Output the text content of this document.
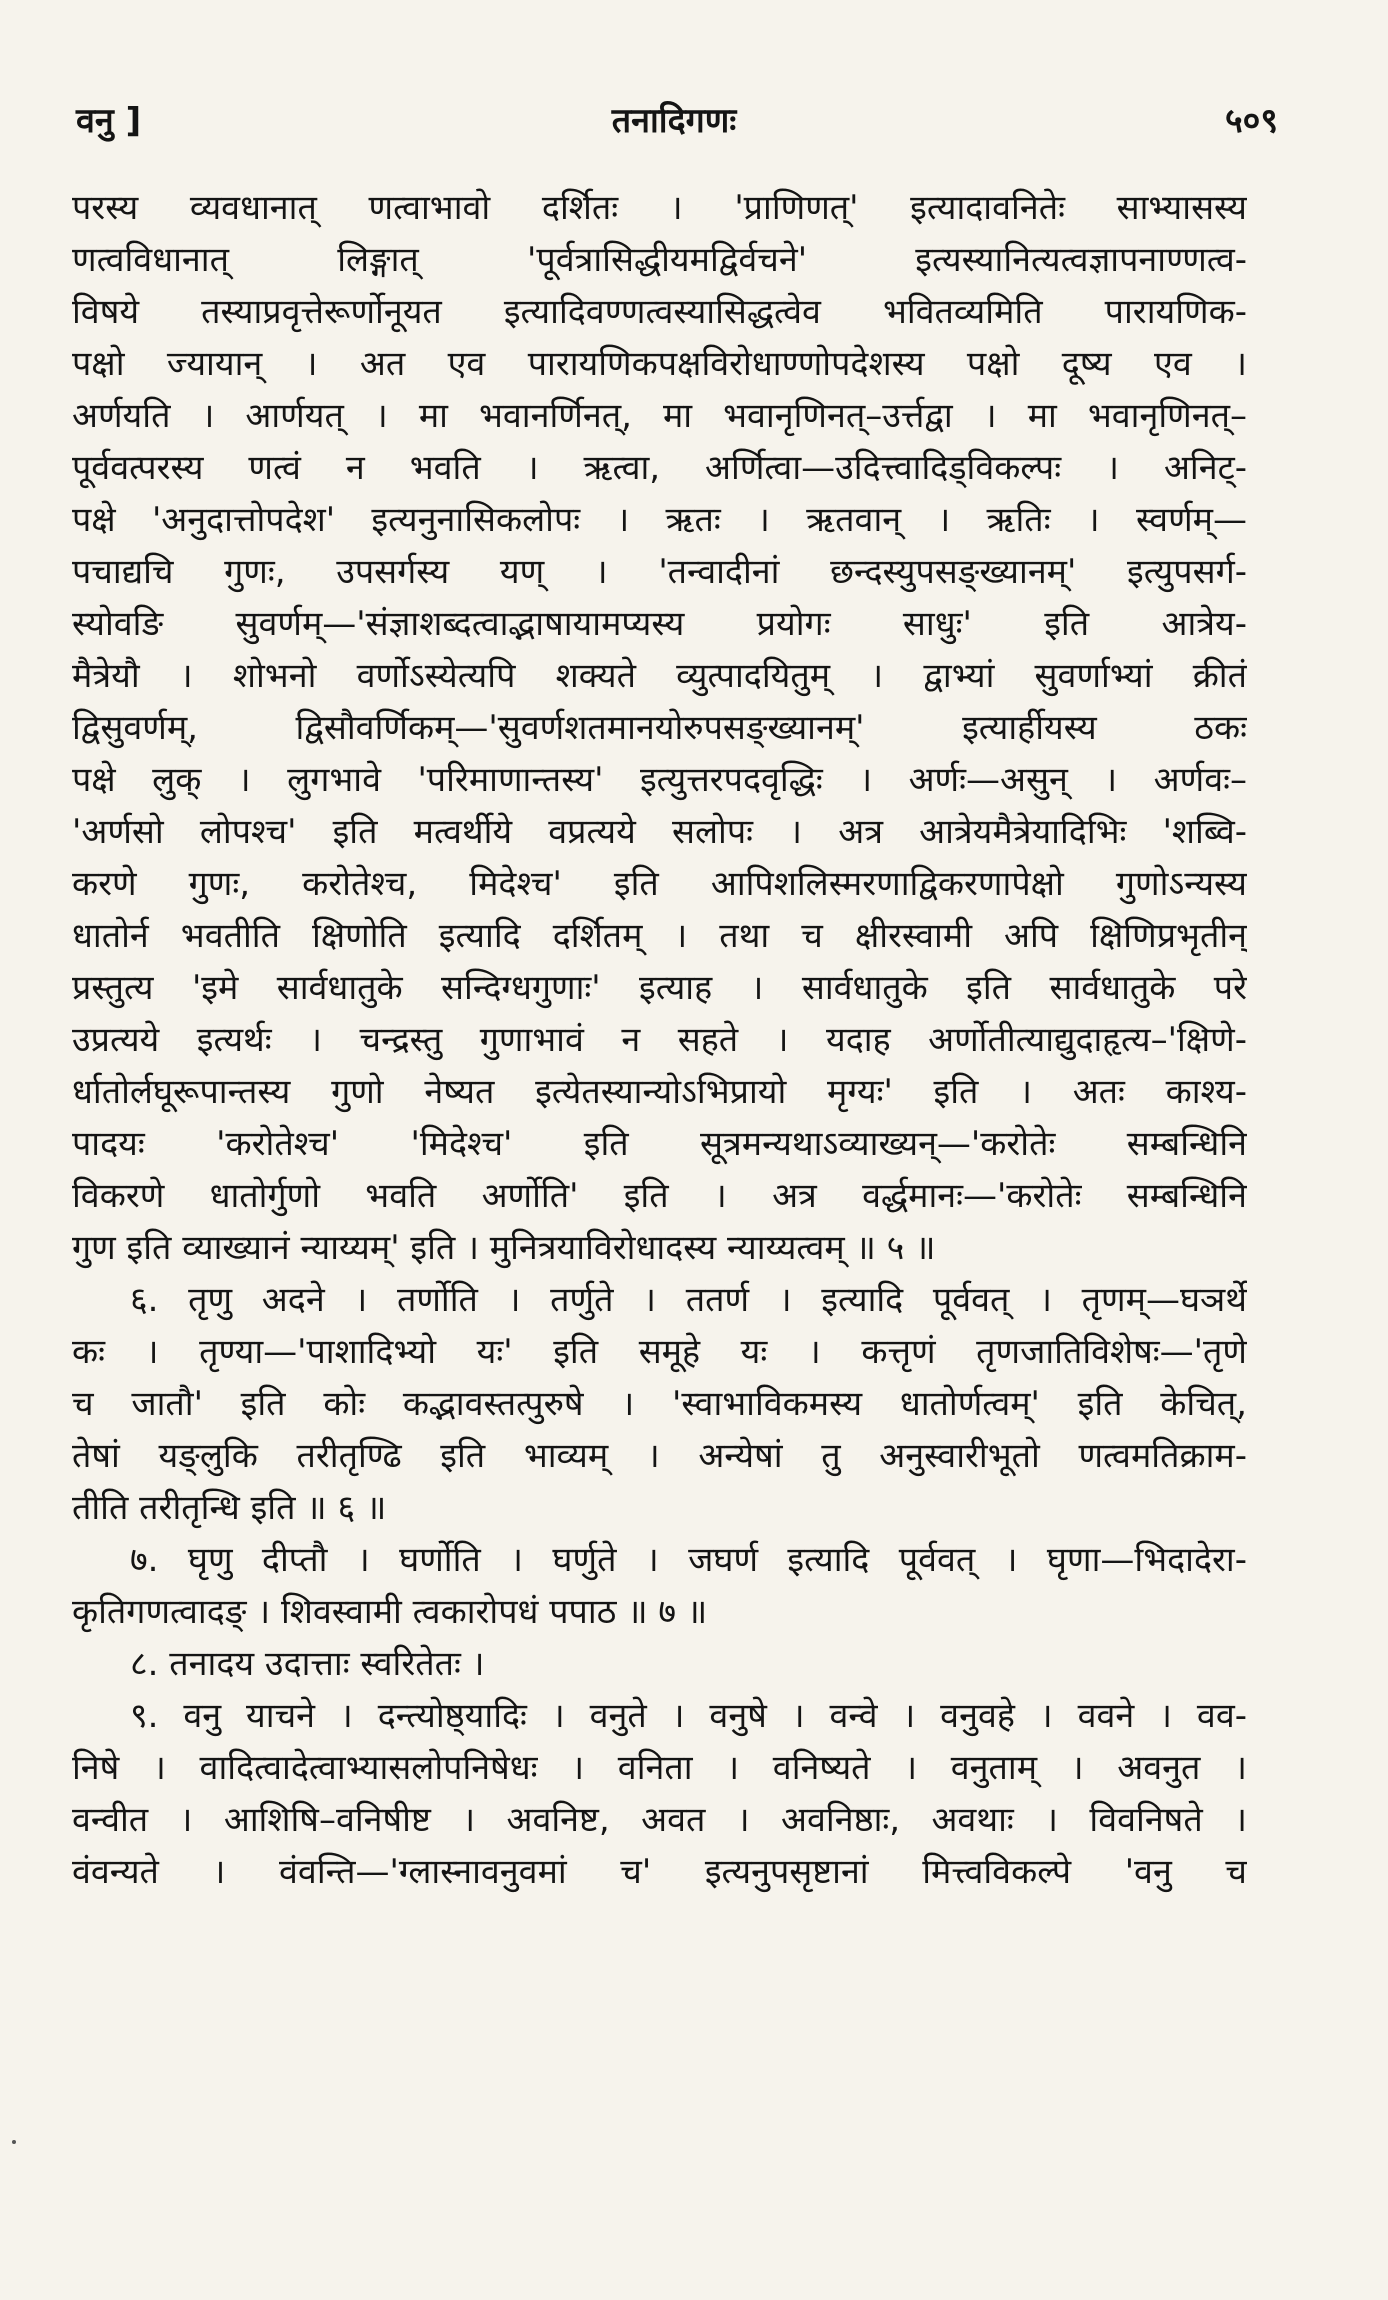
वनु ]	तनादिगणः	५०९
परस्य व्यवधानात् णत्वाभावो दर्शितः । 'प्राणिणत्' इत्यादावनितेः साभ्यासस्य
णत्वविधानात् लिङ्गात् 'पूर्वत्रासिद्धीयमद्विर्वचने' इत्यस्यानित्यत्वज्ञापनाण्णत्व-
विषये तस्याप्रवृत्तेरूर्णोनूयत इत्यादिवण्णत्वस्यासिद्धत्वेव भवितव्यमिति पारायणिक-
पक्षो ज्यायान् । अत एव पारायणिकपक्षविरोधाण्णोपदेशस्य पक्षो दूष्य एव ।
अर्णयति । आर्णयत् । मा भवानर्णिनत्, मा भवानृणिनत्–उर्त्तद्वा । मा भवानृणिनत्–
पूर्ववत्परस्य णत्वं न भवति । ऋत्वा, अर्णित्वा—उदित्त्वादिड्विकल्पः । अनिट्-
पक्षे 'अनुदात्तोपदेश' इत्यनुनासिकलोपः । ऋतः । ऋतवान् । ऋतिः । स्वर्णम्—
पचाद्यचि गुणः, उपसर्गस्य यण् । 'तन्वादीनां छन्दस्युपसङ्ख्यानम्' इत्युपसर्ग-
स्योवङि सुवर्णम्—'संज्ञाशब्दत्वाद्भाषायामप्यस्य प्रयोगः साधुः' इति आत्रेय-
मैत्रेयौ । शोभनो वर्णोऽस्येत्यपि शक्यते व्युत्पादयितुम् । द्वाभ्यां सुवर्णाभ्यां क्रीतं
द्विसुवर्णम्, द्विसौवर्णिकम्—'सुवर्णशतमानयोरुपसङ्ख्यानम्' इत्यार्हीयस्य ठकः
पक्षे लुक् । लुगभावे 'परिमाणान्तस्य' इत्युत्तरपदवृद्धिः । अर्णः—असुन् । अर्णवः–
'अर्णसो लोपश्च' इति मत्वर्थीये वप्रत्यये सलोपः । अत्र आत्रेयमैत्रेयादिभिः 'शब्वि-
करणे गुणः, करोतेश्च, मिदेश्च' इति आपिशलिस्मरणाद्विकरणापेक्षो गुणोऽन्यस्य
धातोर्न भवतीति क्षिणोति इत्यादि दर्शितम् । तथा च क्षीरस्वामी अपि क्षिणिप्रभृतीन्
प्रस्तुत्य 'इमे सार्वधातुके सन्दिग्धगुणाः' इत्याह । सार्वधातुके इति सार्वधातुके परे
उप्रत्यये इत्यर्थः । चन्द्रस्तु गुणाभावं न सहते । यदाह अर्णोतीत्याद्युदाहृत्य–'क्षिणे-
र्धातोर्लघूरूपान्तस्य गुणो नेष्यत इत्येतस्यान्योऽभिप्रायो मृग्यः' इति । अतः काश्य-
पादयः 'करोतेश्च' 'मिदेश्च' इति सूत्रमन्यथाऽव्याख्यन्—'करोतेः सम्बन्धिनि
विकरणे धातोर्गुणो भवति अर्णोति' इति । अत्र वर्द्धमानः—'करोतेः सम्बन्धिनि
गुण इति व्याख्यानं न्याय्यम्' इति । मुनित्रयाविरोधादस्य न्याय्यत्वम् ॥ ५ ॥
६. तृणु अदने । तर्णोति । तर्णुते । ततर्ण । इत्यादि पूर्ववत् । तृणम्—घञर्थे
कः । तृण्या—'पाशादिभ्यो यः' इति समूहे यः । कत्तृणं तृणजातिविशेषः—'तृणे
च जातौ' इति कोः कद्भावस्तत्पुरुषे । 'स्वाभाविकमस्य धातोर्णत्वम्' इति केचित्,
तेषां यङ्लुकि तरीतृण्ढि इति भाव्यम् । अन्येषां तु अनुस्वारीभूतो णत्वमतिक्राम-
तीति तरीतृन्धि इति ॥ ६ ॥
७. घृणु दीप्तौ । घर्णोति । घर्णुते । जघर्ण इत्यादि पूर्ववत् । घृणा—भिदादेरा-
कृतिगणत्वादङ् । शिवस्वामी त्वकारोपधं पपाठ ॥ ७ ॥
८. तनादय उदात्ताः स्वरितेतः ।
९. वनु याचने । दन्त्योष्ठ्यादिः । वनुते । वनुषे । वन्वे । वनुवहे । ववने । वव-
निषे । वादित्वादेत्वाभ्यासलोपनिषेधः । वनिता । वनिष्यते । वनुताम् । अवनुत ।
वन्वीत । आशिषि–वनिषीष्ट । अवनिष्ट, अवत । अवनिष्ठाः, अवथाः । विवनिषते ।
वंवन्यते । वंवन्ति—'ग्लास्नावनुवमां च' इत्यनुपसृष्टानां मित्त्वविकल्पे 'वनु च
